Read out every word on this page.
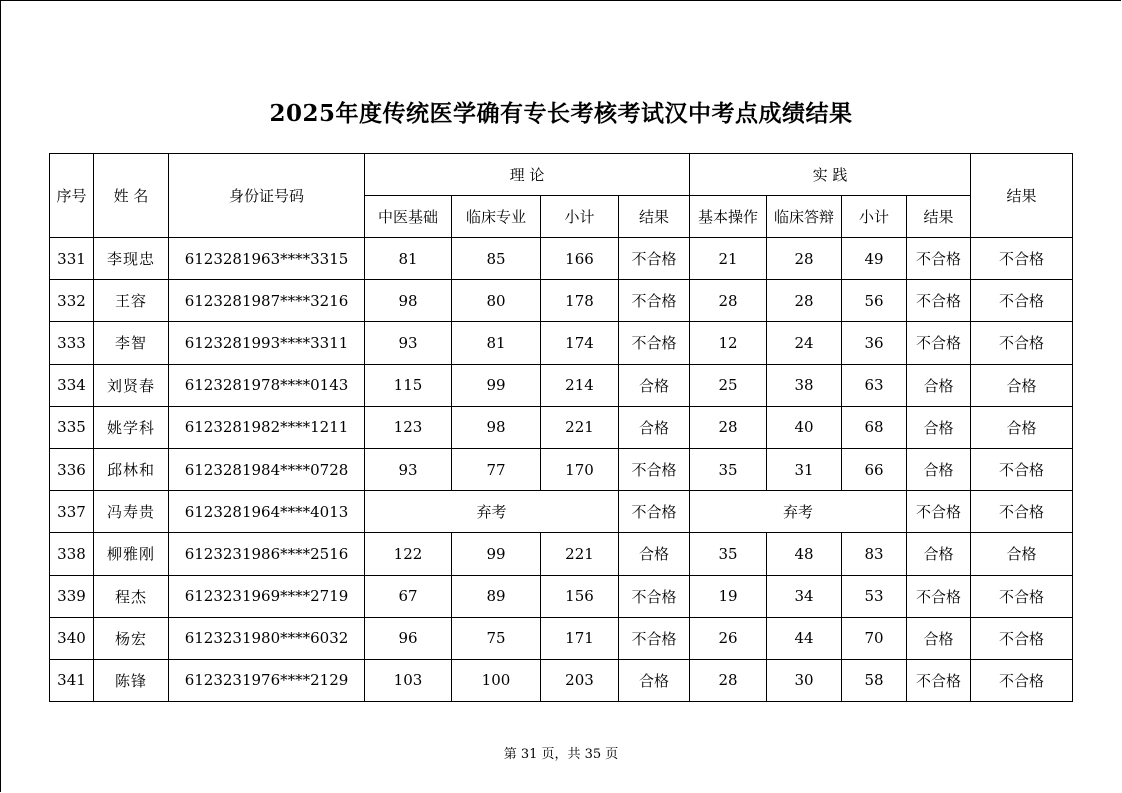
2025年度传统医学确有专长考核考试汉中考点成绩结果
序号	姓 名	身份证号码	理 论				实 践				结果
			中医基础	临床专业	小计	结果	基本操作	临床答辩	小计	结果	
331	李现忠	6123281963****3315	81	85	166	不合格	21	28	49	不合格	不合格
332	王容	6123281987****3216	98	80	178	不合格	28	28	56	不合格	不合格
333	李智	6123281993****3311	93	81	174	不合格	12	24	36	不合格	不合格
334	刘贤春	6123281978****0143	115	99	214	合格	25	38	63	合格	合格
335	姚学科	6123281982****1211	123	98	221	合格	28	40	68	合格	合格
336	邱林和	6123281984****0728	93	77	170	不合格	35	31	66	合格	不合格
337	冯寿贵	6123281964****4013	弃考			不合格	弃考			不合格	不合格
338	柳雅刚	6123231986****2516	122	99	221	合格	35	48	83	合格	合格
339	程杰	6123231969****2719	67	89	156	不合格	19	34	53	不合格	不合格
340	杨宏	6123231980****6032	96	75	171	不合格	26	44	70	合格	不合格
341	陈锋	6123231976****2129	103	100	203	合格	28	30	58	不合格	不合格
第 31 页，共 35 页
